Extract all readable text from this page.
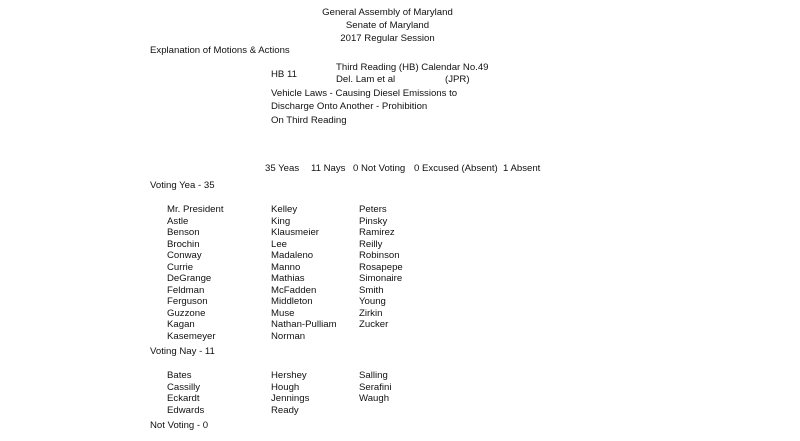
General Assembly of Maryland
Senate of Maryland
2017 Regular Session
Explanation of Motions & Actions
HB 11
Third Reading (HB) Calendar No.49
Del. Lam et al	(JPR)
Vehicle Laws - Causing Diesel Emissions to
Discharge Onto Another - Prohibition
On Third Reading
35 Yeas 11 Nays 0 Not Voting 0 Excused (Absent) 1 Absent
Voting Yea - 35
Mr. President
Astle
Benson
Brochin
Conway
Currie
DeGrange
Feldman
Ferguson
Guzzone
Kagan
Kasemeyer
Kelley
King
Klausmeier
Lee
Madaleno
Manno
Mathias
McFadden
Middleton
Muse
Nathan-Pulliam
Norman
Peters
Pinsky
Ramirez
Reilly
Robinson
Rosapepe
Simonaire
Smith
Young
Zirkin
Zucker
Voting Nay - 11
Bates
Cassilly
Eckardt
Edwards
Hershey
Hough
Jennings
Ready
Salling
Serafini
Waugh
Not Voting - 0
